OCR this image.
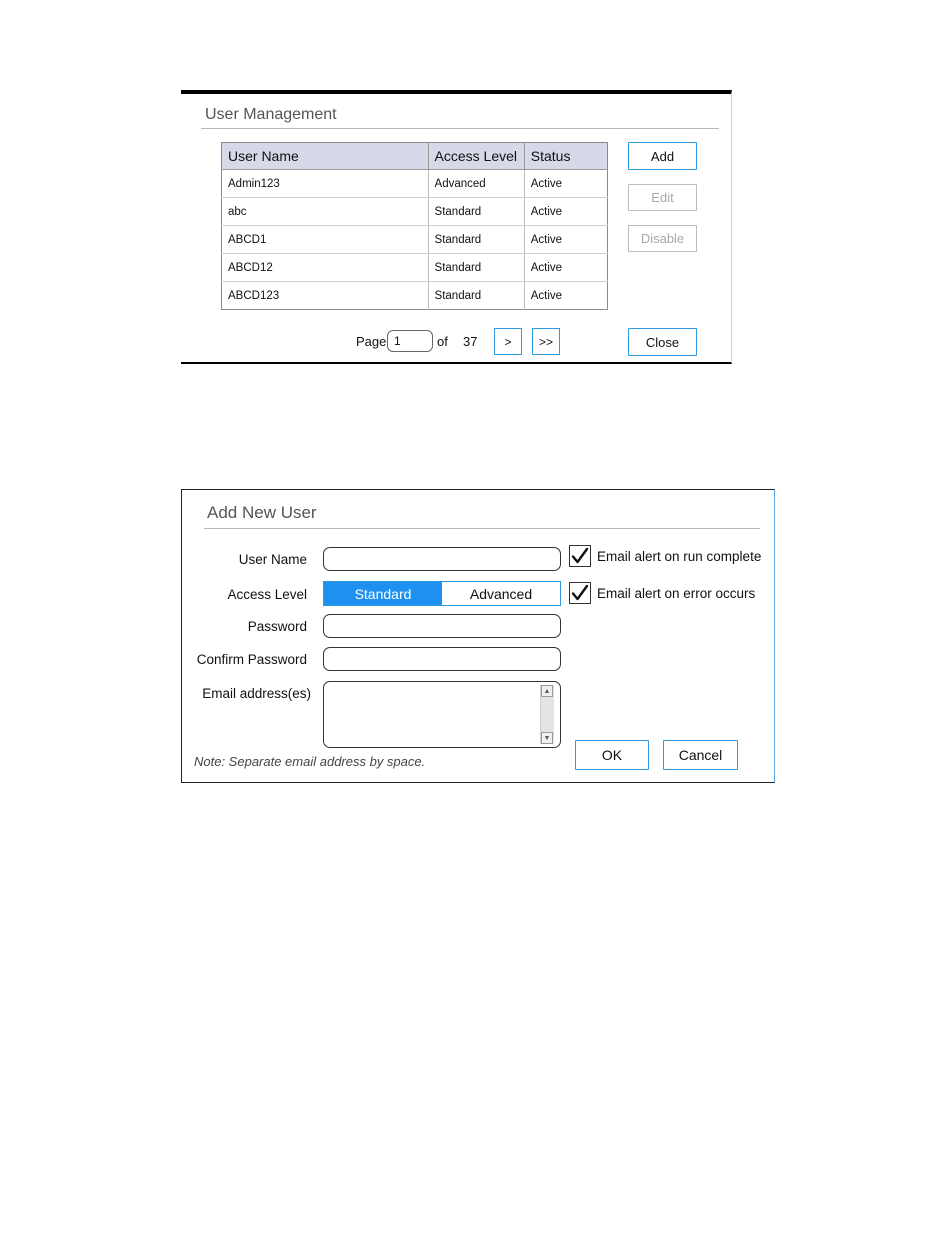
User Management
User Name	Access Level	Status
Admin123	Advanced	Active
abc	Standard	Active
ABCD1	Standard	Active
ABCD12	Standard	Active
ABCD123	Standard	Active
Add
Edit
Disable
Page 1	of 37	>	>>	Close
Add New User
User Name
Access Level
Password
Confirm Password
Email address(es)
Standard	Advanced
▲
▼
Email alert on run complete
Email alert on error occurs
Note: Separate email address by space.	OK	Cancel
